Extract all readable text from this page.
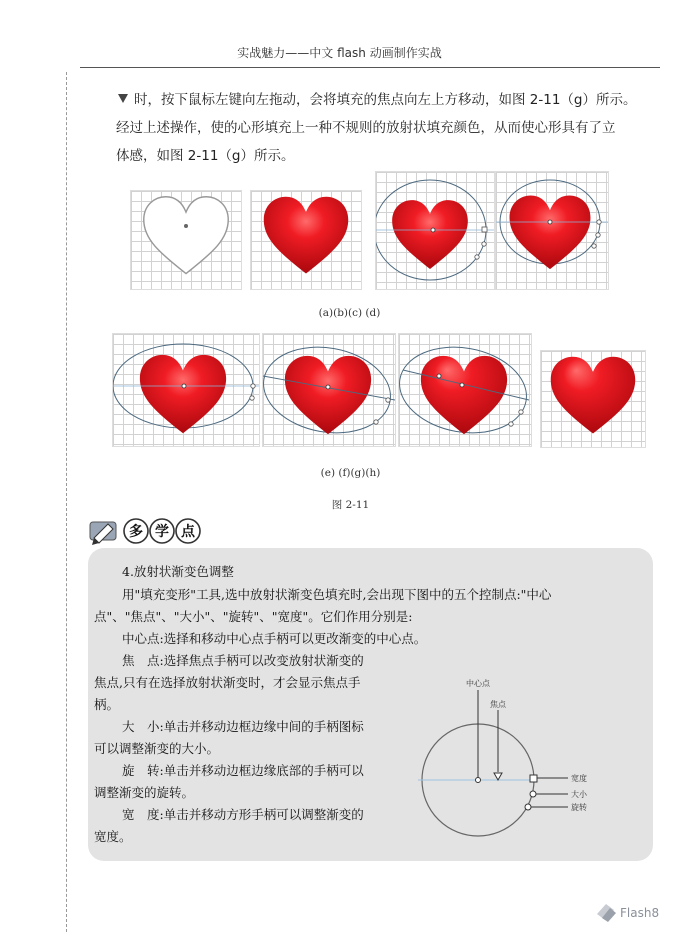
实战魅力——中文 flash 动画制作实战
时，按下鼠标左键向左拖动，会将填充的焦点向左上方移动，如图 2-11（g）所示。
经过上述操作，使的心形填充上一种不规则的放射状填充颜色，从而使心形具有了立
体感，如图 2-11（g）所示。
(a)(b)(c) (d)
(e) (f)(g)(h)
图 2-11
多 学 点
4.放射状渐变色调整
用"填充变形"工具,选中放射状渐变色填充时,会出现下图中的五个控制点:"中心
点"、"焦点"、"大小"、"旋转"、"宽度"。它们作用分别是:
中心点:选择和移动中心点手柄可以更改渐变的中心点。
焦　点:选择焦点手柄可以改变放射状渐变的
焦点,只有在选择放射状渐变时，才会显示焦点手
柄。
大　小:单击并移动边框边缘中间的手柄图标
可以调整渐变的大小。
旋　转:单击并移动边框边缘底部的手柄可以
调整渐变的旋转。
宽　度:单击并移动方形手柄可以调整渐变的
宽度。
中心点
焦点
宽度
大小
旋转
Flash8
